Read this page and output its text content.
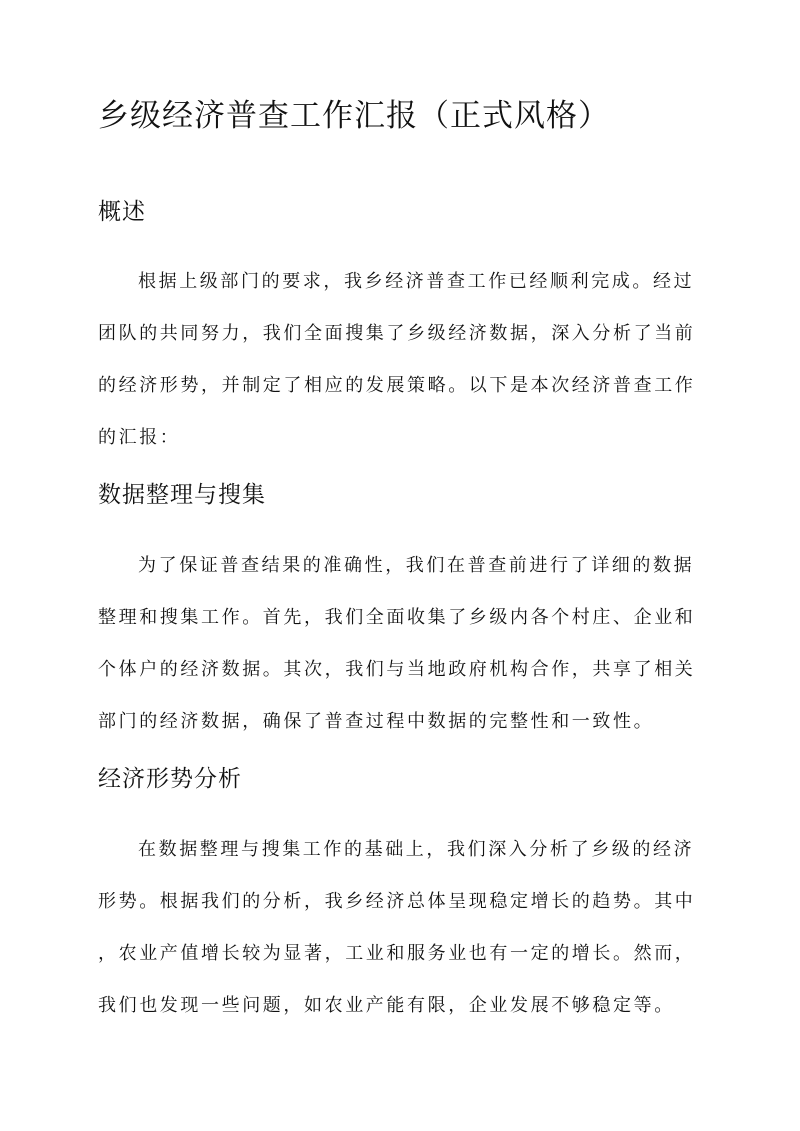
乡级经济普查工作汇报（正式风格）
概述
根据上级部门的要求，我乡经济普查工作已经顺利完成。经过
团队的共同努力，我们全面搜集了乡级经济数据，深入分析了当前
的经济形势，并制定了相应的发展策略。以下是本次经济普查工作
的汇报：
数据整理与搜集
为了保证普查结果的准确性，我们在普查前进行了详细的数据
整理和搜集工作。首先，我们全面收集了乡级内各个村庄、企业和
个体户的经济数据。其次，我们与当地政府机构合作，共享了相关
部门的经济数据，确保了普查过程中数据的完整性和一致性。
经济形势分析
在数据整理与搜集工作的基础上，我们深入分析了乡级的经济
形势。根据我们的分析，我乡经济总体呈现稳定增长的趋势。其中
，农业产值增长较为显著，工业和服务业也有一定的增长。然而，
我们也发现一些问题，如农业产能有限，企业发展不够稳定等。
